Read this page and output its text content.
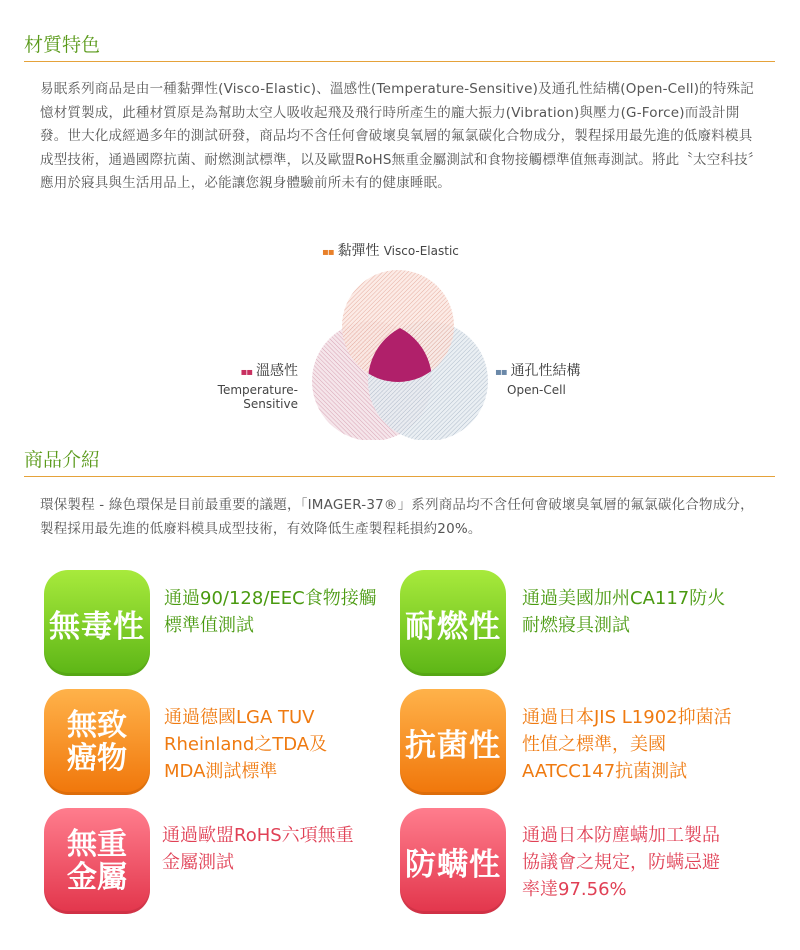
材質特色
易眠系列商品是由一種黏彈性(Visco-Elastic)、溫感性(Temperature-Sensitive)及通孔性結構(Open-Cell)的特殊記憶材質製成，此種材質原是為幫助太空人吸收起飛及飛行時所產生的龐大振力(Vibration)與壓力(G-Force)而設計開發。世大化成經過多年的測試研發，商品均不含任何會破壞臭氧層的氟氯碳化合物成分，製程採用最先進的低廢料模具成型技術，通過國際抗菌、耐燃測試標準，以及歐盟RoHS無重金屬測試和食物接觸標準值無毒測試。將此〝太空科技〞應用於寢具與生活用品上，必能讓您親身體驗前所未有的健康睡眠。
▪▪ 黏彈性 Visco-Elastic
▪▪ 溫感性
Temperature-Sensitive
▪▪ 通孔性結構
Open-Cell
商品介紹
環保製程 - 綠色環保是目前最重要的議題，「IMAGER-37®」系列商品均不含任何會破壞臭氧層的氟氯碳化合物成分，製程採用最先進的低廢料模具成型技術，有效降低生產製程耗損約20%。
無毒性
通過90/128/EEC食物接觸標準值測試	耐燃性
通過美國加州CA117防火耐燃寢具測試
無致
癌物
通過德國LGA TUV Rheinland之TDA及MDA測試標準
抗菌性
通過日本JIS L1902抑菌活性值之標準，美國AATCC147抗菌測試
無重
金屬
通過歐盟RoHS六項無重金屬測試	防螨性
通過日本防塵螨加工製品協議會之規定，防螨忌避率達97.56%
